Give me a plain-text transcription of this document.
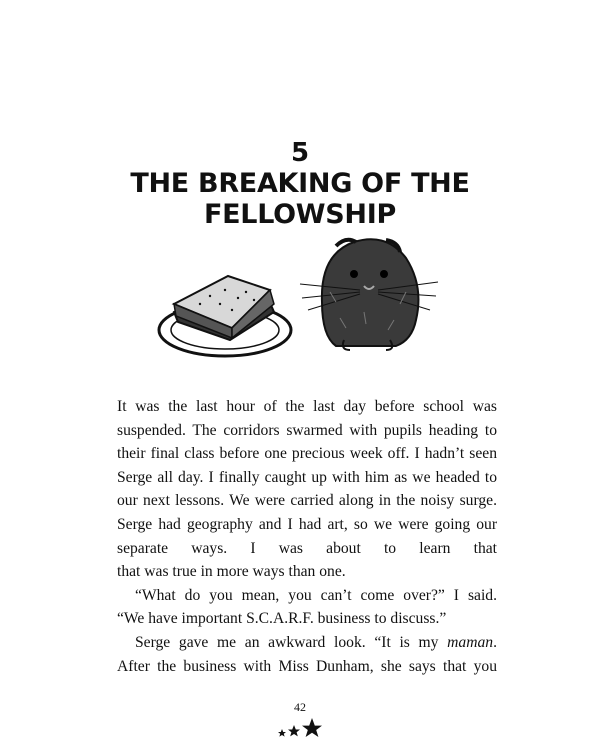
5
THE BREAKING OF THE
FELLOWSHIP

It was the last hour of the last day before school was suspended. The corridors swarmed with pupils heading to their final class before one precious week off. I hadn’t seen Serge all day. I finally caught up with him as we headed to our next lessons. We were carried along in the noisy surge. Serge had geography and I had art, so we were going our separate ways. I was about to learn that

that was true in more ways than one.

“What do you mean, you can’t come over?” I said.

“We have important S.C.A.R.F. business to discuss.”

Serge gave me an awkward look. “It is my maman.

After the business with Miss Dunham, she says that you

42
